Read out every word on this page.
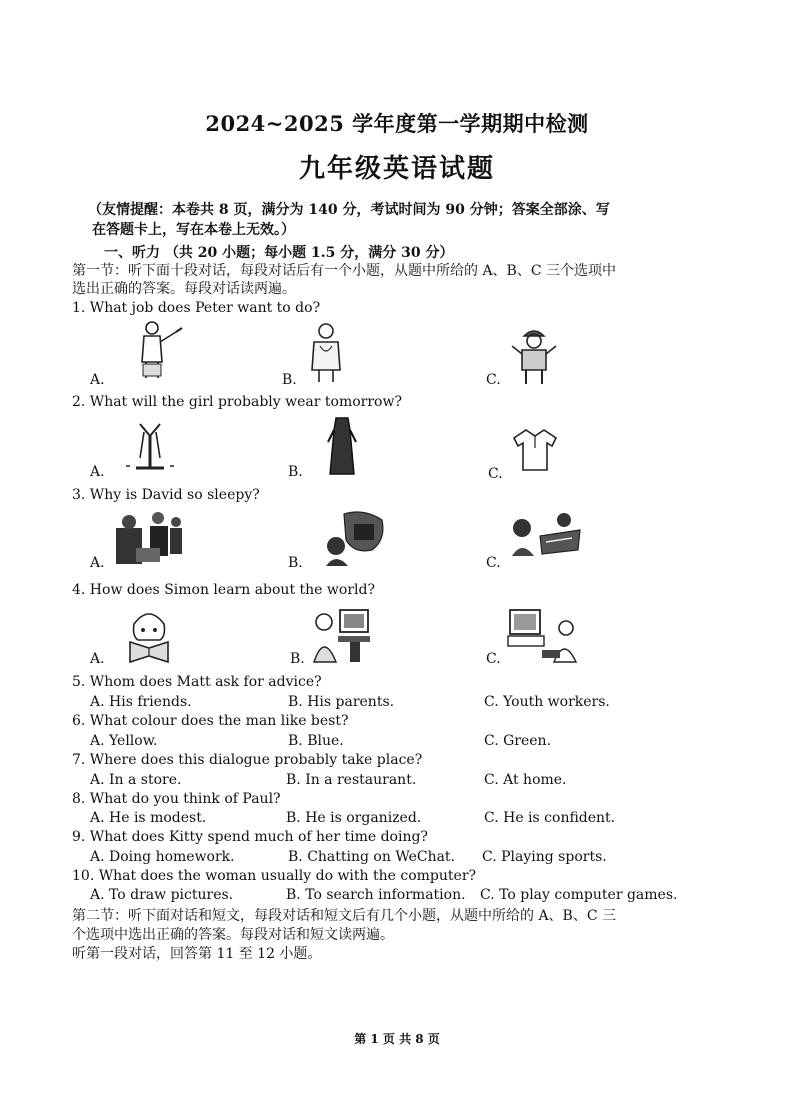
2024~2025 学年度第一学期期中检测
九年级英语试题
（友情提醒：本卷共 8 页，满分为 140 分，考试时间为 90 分钟；答案全部涂、写
在答题卡上，写在本卷上无效。）
一、听力 （共 20 小题；每小题 1.5 分，满分 30 分）
第一节：听下面十段对话，每段对话后有一个小题，从题中所给的 A、B、C 三个选项中
选出正确的答案。每段对话读两遍。
1. What job does Peter want to do?
A.	B.	C.
2. What will the girl probably wear tomorrow?
A.	B.	C.
3. Why is David so sleepy?
A.	B.	C.
4. How does Simon learn about the world?
A.	B.	C.
5. Whom does Matt ask for advice?
A. His friends.	B. His parents.	C. Youth workers.
6. What colour does the man like best?
A. Yellow.	B. Blue.	C. Green.
7. Where does this dialogue probably take place?
A. In a store.	B. In a restaurant.	C. At home.
8. What do you think of Paul?
A. He is modest.	B. He is organized.	C. He is confident.
9. What does Kitty spend much of her time doing?
A. Doing homework.	B. Chatting on WeChat. C. Playing sports.
10. What does the woman usually do with the computer?
A. To draw pictures.	B. To search information. C. To play computer games.
第二节：听下面对话和短文，每段对话和短文后有几个小题，从题中所给的 A、B、C 三
个选项中选出正确的答案。每段对话和短文读两遍。
听第一段对话，回答第 11 至 12 小题。
第 1 页 共 8 页
